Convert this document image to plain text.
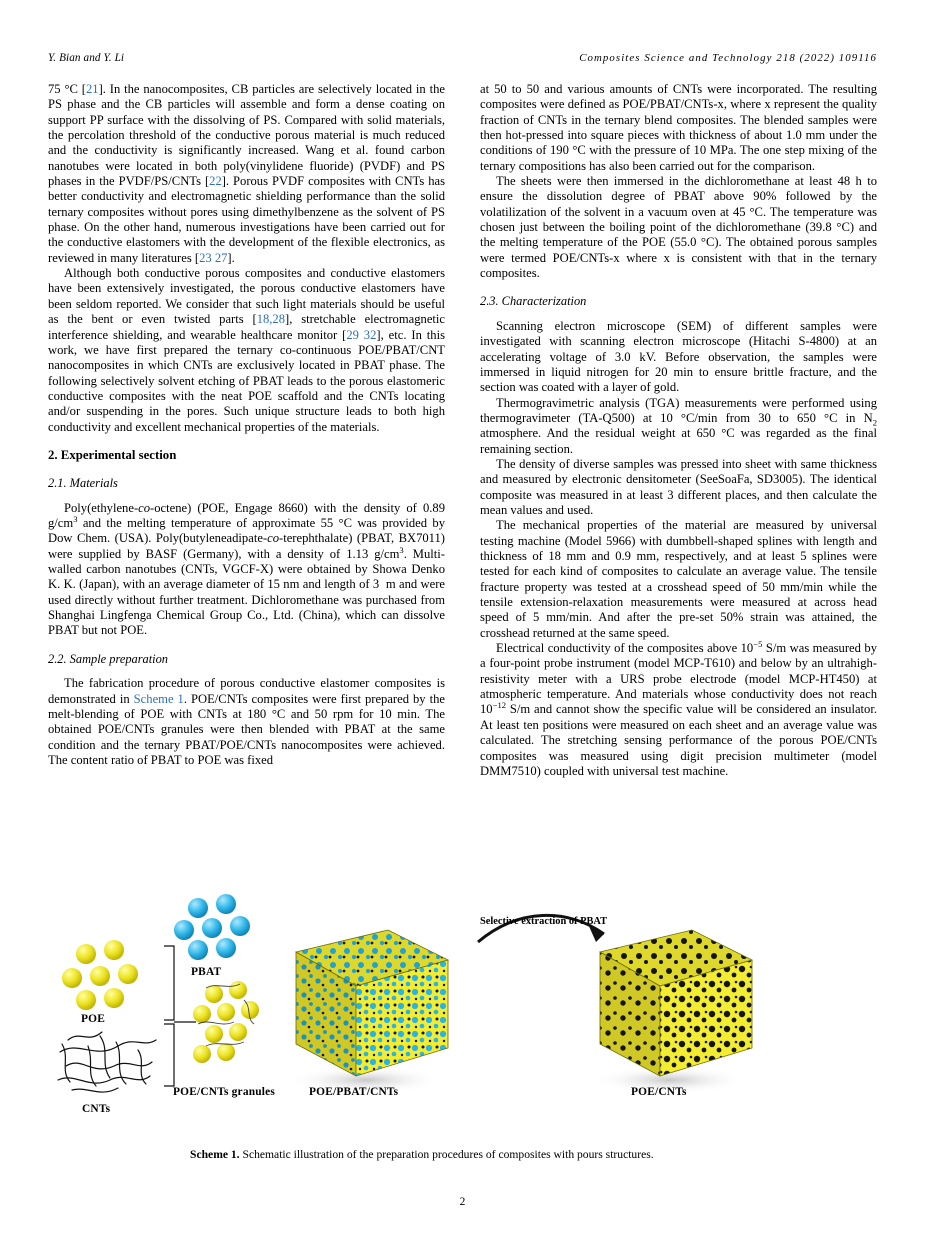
Y. Bian and Y. Li	Composites Science and Technology 218 (2022) 109116

75 °C [21]. In the nanocomposites, CB particles are selectively located in the PS phase and the CB particles will assemble and form a dense coating on support PP surface with the dissolving of PS. Compared with solid materials, the percolation threshold of the conductive porous material is much reduced and the conductivity is significantly increased. Wang et al. found carbon nanotubes were located in both poly(vinylidene fluoride) (PVDF) and PS phases in the PVDF/PS/CNTs [22]. Porous PVDF composites with CNTs has better conductivity and electromagnetic shielding performance than the solid ternary composites without pores using dimethylbenzene as the solvent of PS phase. On the other hand, numerous investigations have been carried out for the conductive elastomers with the development of the flexible electronics, as reviewed in many literatures [23 27].

Although both conductive porous composites and conductive elastomers have been extensively investigated, the porous conductive elastomers have been seldom reported. We consider that such light materials should be useful as the bent or even twisted parts [18,28], stretchable electromagnetic interference shielding, and wearable healthcare monitor [29 32], etc. In this work, we have first prepared the ternary co-continuous POE/PBAT/CNT nanocomposites in which CNTs are exclusively located in PBAT phase. The following selectively solvent etching of PBAT leads to the porous elastomeric conductive composites with the neat POE scaffold and the CNTs locating and/or suspending in the pores. Such unique structure leads to both high conductivity and excellent mechanical properties of the materials.

2. Experimental section
2.1. Materials

Poly(ethylene-co-octene) (POE, Engage 8660) with the density of 0.89 $g/cm^3$ and the melting temperature of approximate 55 °C was provided by Dow Chem. (USA). Poly(butyleneadipate-co-terephthalate) (PBAT, BX7011) were supplied by BASF (Germany), with a density of 1.13 $g/cm^3$. Multi-walled carbon nanotubes (CNTs, VGCF-X) were obtained by Showa Denko K. K. (Japan), with an average diameter of 15 nm and length of 3  m and were used directly without further treatment. Dichloromethane was purchased from Shanghai Lingfenga Chemical Group Co., Ltd. (China), which can dissolve PBAT but not POE.

2.2. Sample preparation

The fabrication procedure of porous conductive elastomer composites is demonstrated in Scheme 1. POE/CNTs composites were first prepared by the melt-blending of POE with CNTs at 180 °C and 50 rpm for 10 min. The obtained POE/CNTs granules were then blended with PBAT at the same condition and the ternary PBAT/POE/CNTs nanocomposites were achieved. The content ratio of PBAT to POE was fixed

at 50 to 50 and various amounts of CNTs were incorporated. The resulting composites were defined as POE/PBAT/CNTs-x, where x represent the quality fraction of CNTs in the ternary blend composites. The blended samples were then hot-pressed into square pieces with thickness of about 1.0 mm under the conditions of 190 °C with the pressure of 10 MPa. The one step mixing of the ternary compositions has also been carried out for the comparison.

The sheets were then immersed in the dichloromethane at least 48 h to ensure the dissolution degree of PBAT above 90% followed by the volatilization of the solvent in a vacuum oven at 45 °C. The temperature was chosen just between the boiling point of the dichloromethane (39.8 °C) and the melting temperature of the POE (55.0 °C). The obtained porous samples were termed POE/CNTs-x where x is consistent with that in the ternary composites.

2.3. Characterization

Scanning electron microscope (SEM) of different samples were investigated with scanning electron microscope (Hitachi S-4800) at an accelerating voltage of 3.0 kV. Before observation, the samples were immersed in liquid nitrogen for 20 min to ensure brittle fracture, and the section was coated with a layer of gold.

Thermogravimetric analysis (TGA) measurements were performed using thermogravimeter (TA-Q500) at 10 °C/min from 30 to 650 °C in $N_2$ atmosphere. And the residual weight at 650 °C was regarded as the final remaining section.

The density of diverse samples was pressed into sheet with same thickness and measured by electronic densitometer (SeeSoaFa, SD3005). The identical composite was measured in at least 3 different places, and then calculate the mean values and used.

The mechanical properties of the material are measured by universal testing machine (Model 5966) with dumbbell-shaped splines with length and thickness of 18 mm and 0.9 mm, respectively, and at least 5 splines were tested for each kind of composites to calculate an average value. The tensile fracture property was tested at a crosshead speed of 50 mm/min while the tensile extension-relaxation measurements were measured at across head speed of 5 mm/min. And after the pre-set 50% strain was attained, the crosshead returned at the same speed.

Electrical conductivity of the composites above $10^{-5}$ S/m was measured by a four-point probe instrument (model MCP-T610) and below by an ultrahigh-resistivity meter with a URS probe electrode (model MCP-HT450) at atmospheric temperature. And materials whose conductivity does not reach $10^{-12}$ S/m and cannot show the specific value will be considered an insulator. At least ten positions were measured on each sheet and an average value was calculated. The stretching sensing performance of the porous POE/CNTs composites was measured using digit precision multimeter (model DMM7510) coupled with universal test machine.

POE
PBAT
CNTs
POE/CNTs granules	POE/PBAT/CNTs	POE/CNTs
Selective extraction of PBAT
Scheme 1. Schematic illustration of the preparation procedures of composites with pours structures.
2
